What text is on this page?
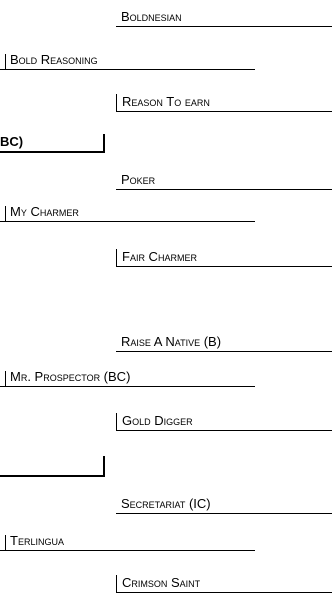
Boldnesian
Bold Reasoning
Reason To earn
BC)
Poker
My Charmer
Fair Charmer
Raise A Native (B)
Mr. Prospector (BC)
Gold Digger
Secretariat (IC)
Terlingua
Crimson Saint
